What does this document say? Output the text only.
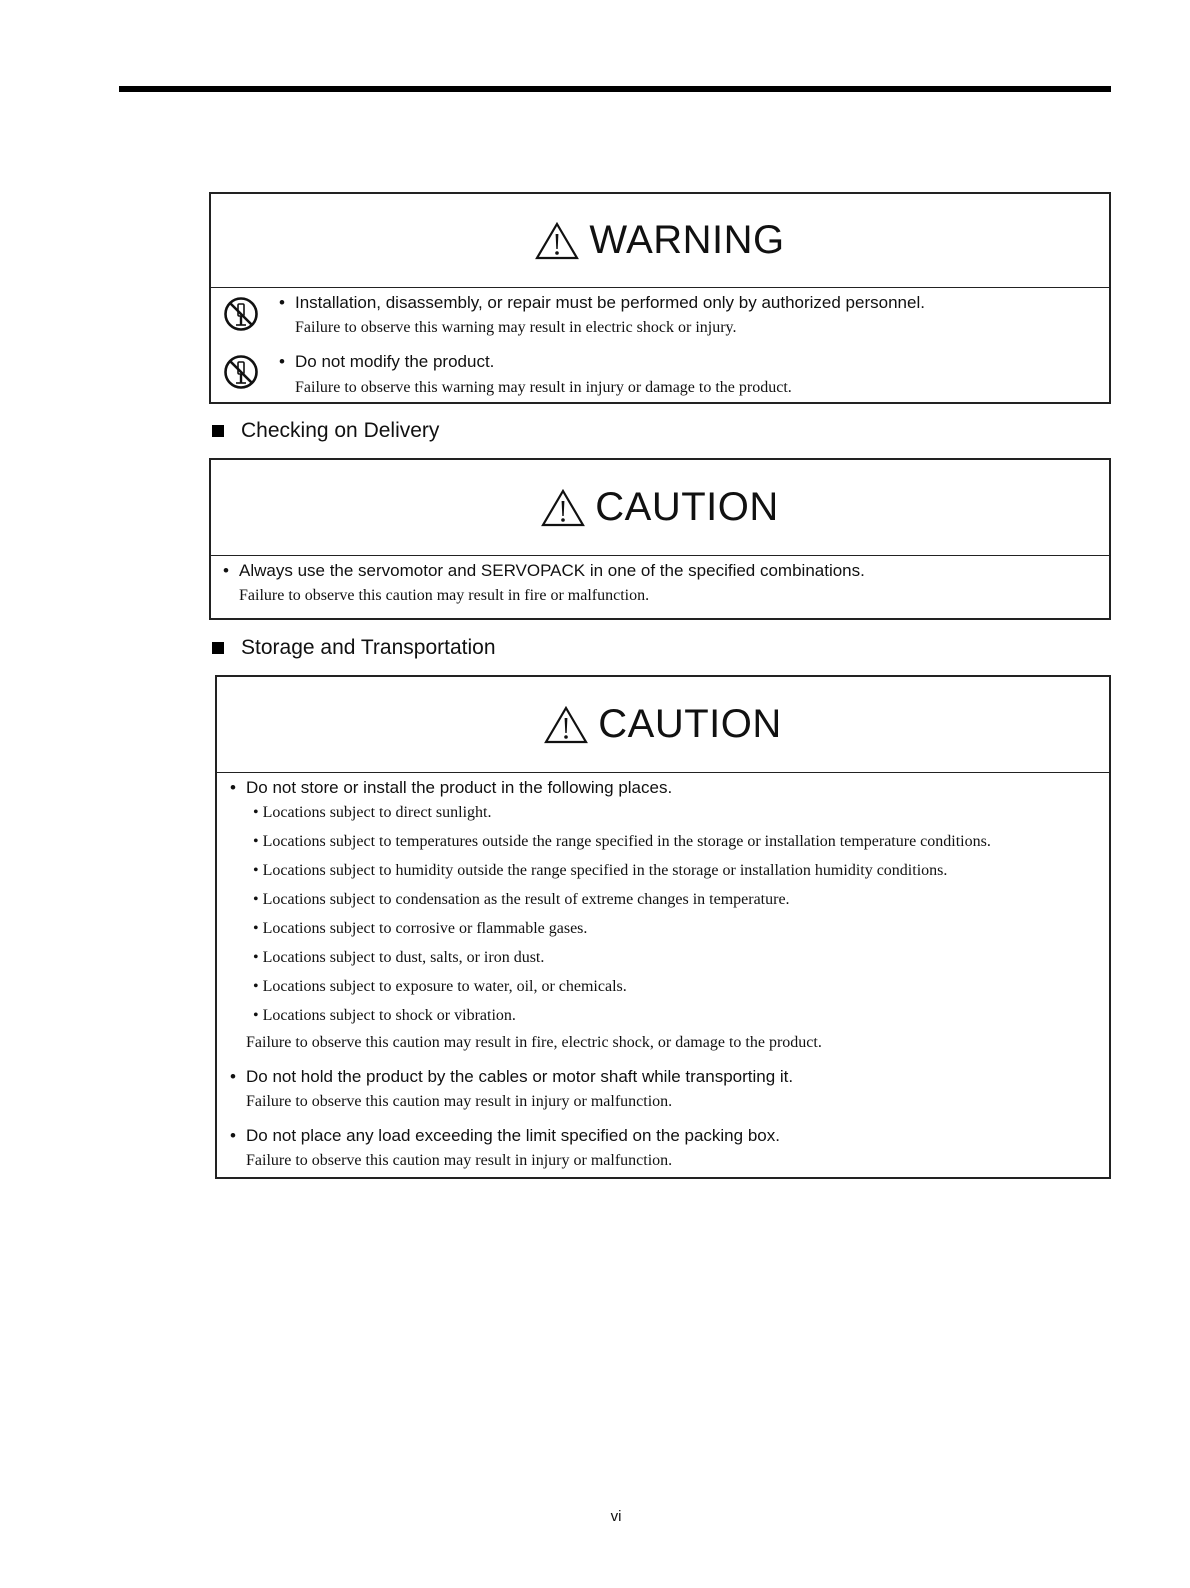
WARNING
• Installation, disassembly, or repair must be performed only by authorized personnel.
Failure to observe this warning may result in electric shock or injury.
• Do not modify the product.
Failure to observe this warning may result in injury or damage to the product.
Checking on Delivery
CAUTION
• Always use the servomotor and SERVOPACK in one of the specified combinations.
Failure to observe this caution may result in fire or malfunction.
Storage and Transportation
CAUTION
• Do not store or install the product in the following places.
• Locations subject to direct sunlight.
• Locations subject to temperatures outside the range specified in the storage or installation temperature conditions.
• Locations subject to humidity outside the range specified in the storage or installation humidity conditions.
• Locations subject to condensation as the result of extreme changes in temperature.
• Locations subject to corrosive or flammable gases.
• Locations subject to dust, salts, or iron dust.
• Locations subject to exposure to water, oil, or chemicals.
• Locations subject to shock or vibration.
Failure to observe this caution may result in fire, electric shock, or damage to the product.
• Do not hold the product by the cables or motor shaft while transporting it.
Failure to observe this caution may result in injury or malfunction.
• Do not place any load exceeding the limit specified on the packing box.
Failure to observe this caution may result in injury or malfunction.
vi
